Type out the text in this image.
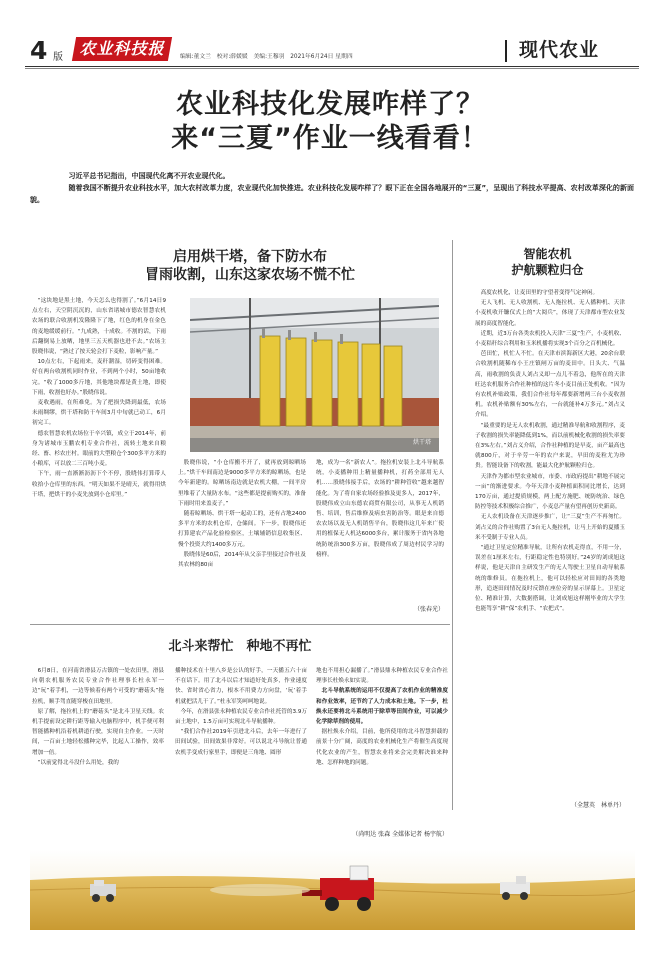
4 版 农业科技报	编辑:董文兰　校对:薛媛媛　美编:王穆羽　2021年6月24日 星期四	现代农业
农业科技化发展咋样了？
来“三夏”作业一线看看！

习近平总书记指出，中国现代化离不开农业现代化。

随着我国不断提升农业科技水平，加大农村改革力度，农业现代化加快推进。农业科技化发展咋样了？眼下正在全国各地展开的“三夏”，呈现出了科技水平提高、农村改革深化的新面貌。

启用烘干塔，备下防水布
冒雨收割，山东这家农场不慌不忙
烘干塔

“这块地是黑土地，今天怎么也得割了。”6月14日9点左右，天空阴沉沉的，山东省诸城市德农智慧农机农场的联合收割机发隆隆下了地，红色的机身在金色的麦地缓缓前行。“九成熟，十成收。不割的话，下雨后翻倒易上放晒，地里三五天机器也进不去。”农场主股晓伟说，“熟过了按天轮会打下麦粒，影响产量。”

10点左右，下起雨来，麦秆潮湿，切碎变得困难。好在两台收割机同时作业，不到两个小时，50亩地收完。“收了1000多斤地，其他地块都是黄土地，即使下雨，收割也好办。”股晓伟说。

麦收遇雨，在所难免。为了把损失降到最低，农场未雨绸缪，烘干塔和防干车间3月中旬就已动工，6月初完工。

德农智慧农机农场位于辛兴镇，成立于2014年，前身为诸城市玉鹏农机专业合作社，流转土地来自粮经、畜、杉农庄村。眼前的大型粮仓个300多平方米的小粮库，可以放二三百吨小麦。

下午，雨一直淅淅沥沥下个不停，股晓伟打算带人收拾小仓库里的东西。“明天如果不是晴天，就得用烘干塔，把烘干的小麦先放到小仓库里。”

股晓伟说，“小仓库搬不开了，就再放到晾晒场上。”烘干车间南边是9000多平方米的晾晒场，也是今年新建的。晾晒场南边就是农机大棚，一间平房里堆着了大量防水布。“这些都是提前购买的，准备下雨时用来盖麦子。”

随着晾晒场、烘干塔一起动工的，还有占地2400多平方米的农机仓库，仓储间。下一步，股晓伟还打算建农产品化验检验区，土壤辅销信息收集区、慢个投资大约1400多万元。

股晓伟是60后，2014年从父亲手里接过合作社及其农林的80亩

地，成为一名“新农人”。拖拉机安装上北斗导航系统，小麦播种用上精量播种机，打药全部用无人机……股晓伟接手后，农场的“耕种管收”越来越智能化。为了将自家农场经验推及更多人，2017年，股晓伟成立山东德农商贸有限公司，从事无人机销售、培训，售后维修及病虫害防治等。眼是来自德农农场以及无人机销售平台，股晓伟这几年来广使用的植保无人机达6000多台，累计服务于省内各地统防统治300多万亩，股晓伟成了周边村民学习的榜样。

（张春光）
智能农机
护航颗粒归仓

高度农机化，让麦田里的守望者变得气定神闲。

无人飞机、无人收割机、无人拖拉机、无人播种机、天津小麦机收开镰仪式上的“大阅兵”，体现了天津都市型农业发展的高度智能化。

近期，近3万台各类农机投入天津“三夏”生产，小麦机收、小麦秸秆综合利用和玉米机播将实现3个百分之百机械化。

芭田忙，机忙人不忙。在天津市滨海新区大港，20余台联合收割机随稀布小王庄镇闸万亩的麦田中。日头大、气温高，雨收割的负责人刘占义却一点儿不着急，他所在的天津旺达农机服务合作社种植的这片冬小麦目前正处机收。“因为有农机补贴政策，我们合作社每年都要新增两三台小麦收割机。农机补贴额有30%左右，一台就能补4万多元。”刘占义介绍。

“最重要的是无人农机收割，通过精准导航和收割程序，麦子收割的损失率能降低到1%，而以前机械化收割的损失率要在3%左右。”刘占义介绍，合作社种植的是早麦，亩产最高也就800斤，对于辛劳一年的农户来说，早田的麦粒尤为珍贵。智能设备下的收割，能最大化护航颗粒归仓。

天津作为都市型农业城市，市委、市政府提出“耕地不展完一亩”的渐进要求。今年天津小麦种植面积同比增长，达到170万亩，通过提质规模，两上配方施肥、统防统治、绿色防控等技术积极综合推广，小麦总产量有望再创历史新高。

无人农机设备在天津逐步推广，让“三夏”生产不再匆忙。刘占义的合作社购置了3台无人拖拉机，让马上开始的夏播玉米不受制于专业人员。

“通过卫星定位精准导航，让所有农机走得直，不用一分，误差在1厘米左右，行距稳定性也特别好。”24岁的刘成旭这样说，他是天津自主研发生产的无人驾驶土卫星自动导航系统的维修员。在拖拉机上，他可以轻松应对田间的各类地形，追逐田间情况及时反馈在座位旁的显示屏幕上。卫星定位、精准计算，大数据搭调，让刘成旭这样刚毕业的大学生也能驾享“耕”保”农机手、“农把式”。

（全慧英　林单丹）
北斗来帮忙　种地不再忙

6月8日，在河南省滑县万古镇的一处农田里，滑县向朝农机服务农民专业合作社理事长杜永军一边“玩”着手机，一边等候着有两个可受的“蘑菇头”拖拉机，顺手驾直随穿梭在田地里。

原了解，拖拉机上的“蘑菇头”是北斗卫星天线。农机手提前设定耕行距等输入电脑程序中，机手便可利智能播种机沿着机耕道行驶，实现自主作业。一天时间，一百亩土地轻松播种完毕，比起人工操作，效率增加一倍。

“以前觉得北斗没什么用处，我的

播种技术在十里八乡是公认的好手，一天播五六十亩不在话下。用了北斗以后才知道好处真多，作业速度快、省时省心省力，根本不用费力方向盘，‘玩’着手机就把活儿干了。”杜永军笑呵呵地说。

今年，在滑县张永种植农民专业合作社托管的3.9万亩土地中，1.5万亩可实现北斗导航播种。

“我们合作社2019年引进北斗后，去年一年进行了田间试验，田间效果非常好。可以说北斗导航让普通农机手变成行家里手，即便是三角地、圆形

地也不用担心漏播了。”滑县鼎永种植农民专业合作社理事长杜焕永如实说。

北斗导航系统的运用不仅提高了农机作业的精准度和作业效率，还节约了人力成本和土地。下一步，杜焕永还要将北斗系统用于除草等田间作业，可以减少化学除草剂的使用。

据杜焕永介绍，目前，他所使用的北斗智慧拼载的前景十分广阔，高度的农业机械化生产将催生高度现代化农业的产生，智慧农业将来会完美解决谁来种地、怎样种地的问题。

（尚明达 张森 全媒体记者 杨宇航）
